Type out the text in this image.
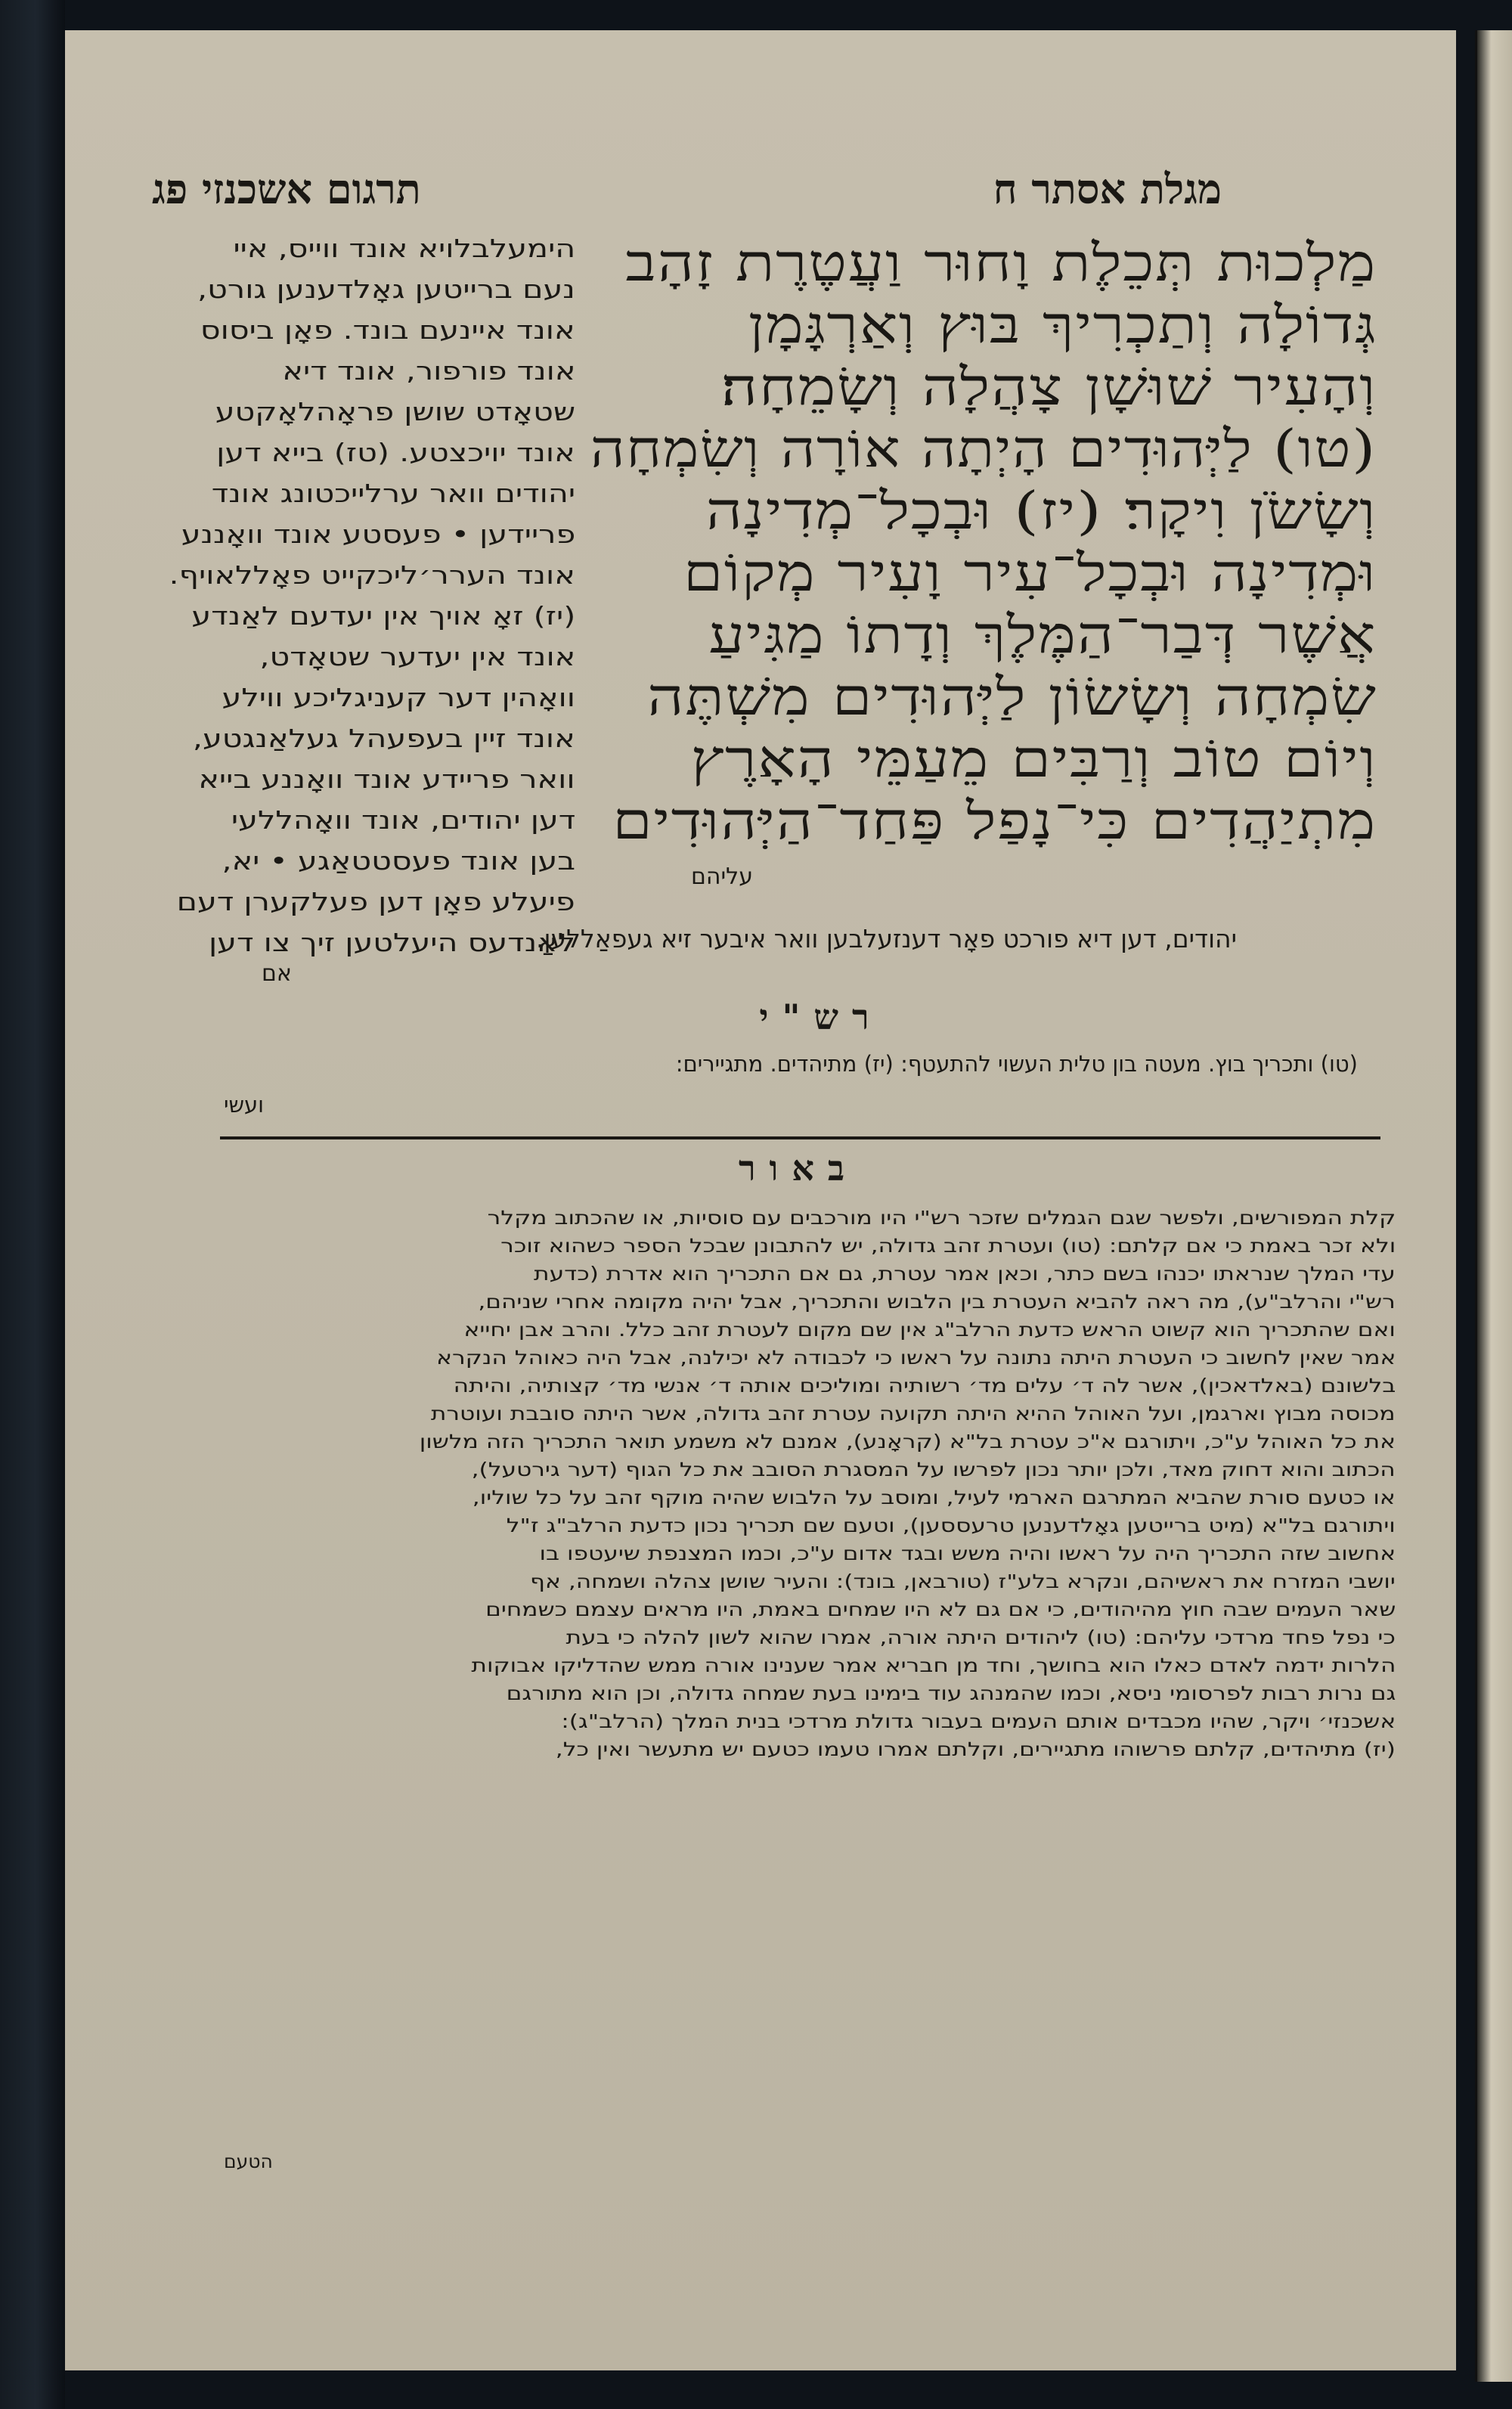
מגלת אסתר ח
תרגום אשכנזי פג
מַלְכוּת תְּכֵלֶת וָחוּר וַעֲטֶרֶת זָהָב
גְּדוֹלָה וְתַכְרִיךְ בּוּץ וְאַרְגָּמָן
וְהָעִיר שׁוּשָׁן צָהֲלָה וְשָׂמֵחָה׃
(טו) לַיְּהוּדִים הָיְתָה אוֹרָה וְשִׂמְחָה
וְשָׂשֹׂן וִיקָר׃ (יז) וּבְכָל־מְדִינָה
וּמְדִינָה וּבְכָל־עִיר וָעִיר מְקוֹם
אֲשֶׁר דְּבַר־הַמֶּלֶךְ וְדָתוֹ מַגִּיעַ
שִׂמְחָה וְשָׂשׂוֹן לַיְּהוּדִים מִשְׁתֶּה
וְיוֹם טוֹב וְרַבִּים מֵעַמֵּי הָאָרֶץ
מִתְיַהֲדִים כִּי־נָפַל פַּחַד־הַיְּהוּדִים
עליהם
הימעלבלויא אונד ווייס, איי
נעם ברייטען גאָלדענען גורט,
אונד איינעם בונד. פאָן ביסוס
אונד פורפור, אונד דיא
שטאָדט שושן פראָהלאָקטע
אונד יויכצטע. (טז) בייא דען
יהודים וואר ערלייכטונג אונד
פריידען • פעסטע אונד וואָננע
אונד הערר׳ליכקייט פאָללאויף.
(יז) זאָ אויך אין יעדעם לאַנדע
אונד אין יעדער שטאָדט,
וואָהין דער קעניגליכע ווילע
אונד זיין בעפעהל געלאַנגטע,
וואר פריידע אונד וואָננע בייא
דען יהודים, אונד וואָהללעי
בען אונד פעסטטאַגע • יא,
פיעלע פאָן דען פעלקערן דעם
לאַנדעס היעלטען זיך צו דען
יהודים, דען דיא פורכט פאָר דענזעלבען וואר איבער זיא געפאַללען.
אם
רש"י
(טו) ותכריך בוץ. מעטה בון טלית העשוי להתעטף: (יז) מתיהדים. מתגיירים:
ועשי
באור
קלת המפורשים, ולפשר שגם הגמלים שזכר רש"י היו מורכבים עם סוסיות, או שהכתוב מקלר
ולא זכר באמת כי אם קלתם: (טו) ועטרת זהב גדולה, יש להתבונן שבכל הספר כשהוא זוכר
עדי המלך שנראתו יכנהו בשם כתר, וכאן אמר עטרת, גם אם התכריך הוא אדרת (כדעת
רש"י והרלב"ע), מה ראה להביא העטרת בין הלבוש והתכריך, אבל יהיה מקומה אחרי שניהם,
ואם שהתכריך הוא קשוט הראש כדעת הרלב"ג אין שם מקום לעטרת זהב כלל. והרב אבן יחייא
אמר שאין לחשוב כי העטרת היתה נתונה על ראשו כי לכבודה לא יכילנה, אבל היה כאוהל הנקרא
בלשונם (באלדאכין), אשר לה ד׳ עלים מד׳ רשותיה ומוליכים אותה ד׳ אנשי מד׳ קצותיה, והיתה
מכוסה מבוץ וארגמן, ועל האוהל ההיא היתה תקועה עטרת זהב גדולה, אשר היתה סובבת ועוטרת
את כל האוהל ע"כ, ויתורגם א"כ עטרת בל"א (קראָנע), אמנם לא משמע תואר התכריך הזה מלשון
הכתוב והוא דחוק מאד, ולכן יותר נכון לפרשו על המסגרת הסובב את כל הגוף (דער גירטעל),
או כטעם סורת שהביא המתרגם הארמי לעיל, ומוסב על הלבוש שהיה מוקף זהב על כל שוליו,
ויתורגם בל"א (מיט ברייטען גאָלדענען טרעססען), וטעם שם תכריך נכון כדעת הרלב"ג ז"ל
אחשוב שזה התכריך היה על ראשו והיה משש ובגד אדום ע"כ, וכמו המצנפת שיעטפו בו
יושבי המזרח את ראשיהם, ונקרא בלע"ז (טורבאן, בונד): והעיר שושן צהלה ושמחה, אף
שאר העמים שבה חוץ מהיהודים, כי אם גם לא היו שמחים באמת, היו מראים עצמם כשמחים
כי נפל פחד מרדכי עליהם: (טו) ליהודים היתה אורה, אמרו שהוא לשון להלה כי בעת
הלרות ידמה לאדם כאלו הוא בחושך, וחד מן חבריא אמר שענינו אורה ממש שהדליקו אבוקות
גם נרות רבות לפרסומי ניסא, וכמו שהמנהג עוד בימינו בעת שמחה גדולה, וכן הוא מתורגם
אשכנזי׳ ויקר, שהיו מכבדים אותם העמים בעבור גדולת מרדכי בנית המלך (הרלב"ג):
(יז) מתיהדים, קלתם פרשוהו מתגיירים, וקלתם אמרו טעמו כטעם יש מתעשר ואין כל,
הטעם
